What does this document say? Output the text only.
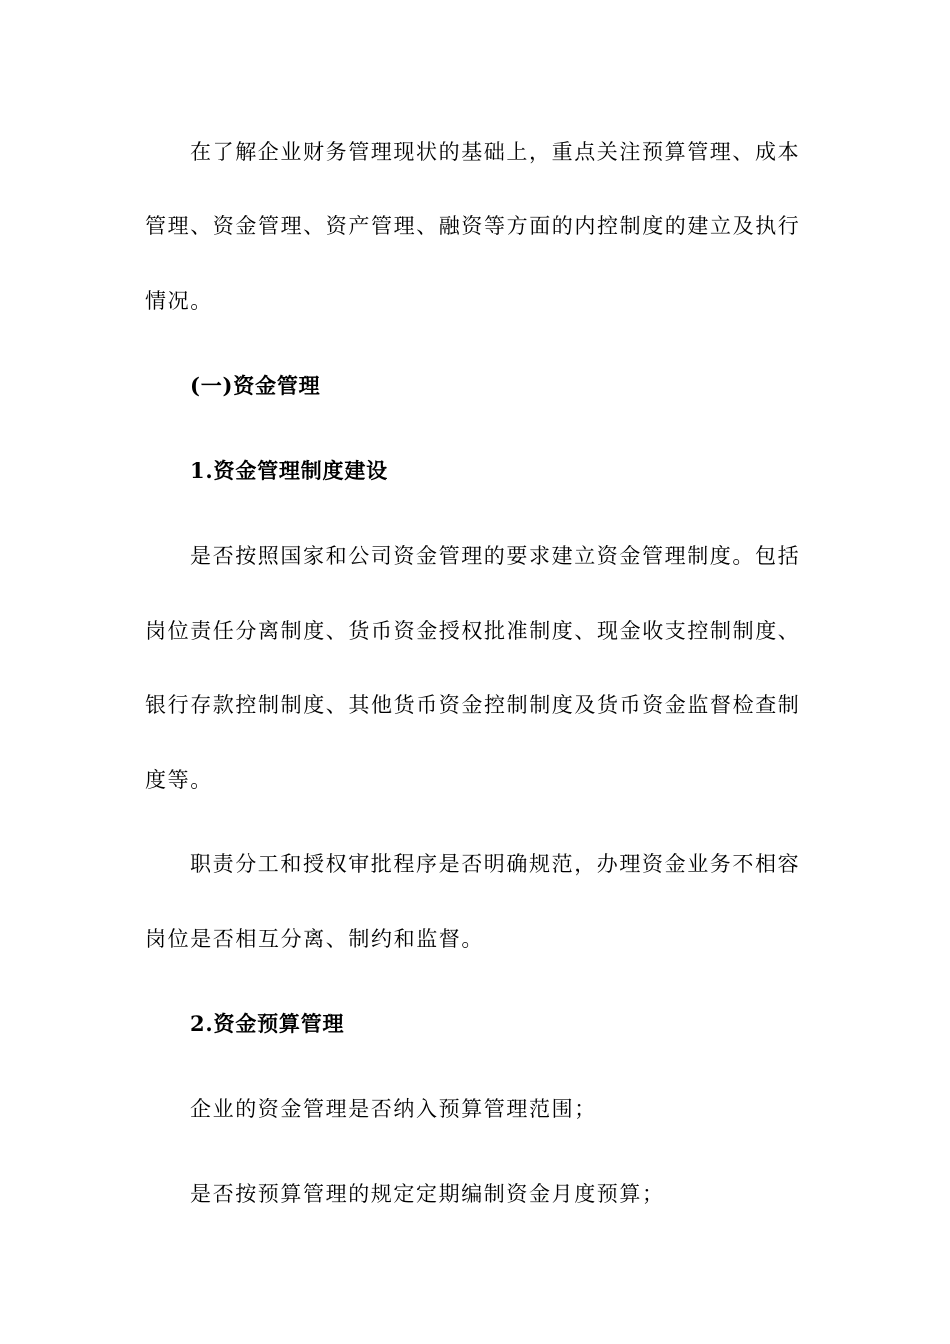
在了解企业财务管理现状的基础上，重点关注预算管理、成本
管理、资金管理、资产管理、融资等方面的内控制度的建立及执行
情况。
(一)资金管理
1.资金管理制度建设
是否按照国家和公司资金管理的要求建立资金管理制度。包括
岗位责任分离制度、货币资金授权批准制度、现金收支控制制度、
银行存款控制制度、其他货币资金控制制度及货币资金监督检查制
度等。
职责分工和授权审批程序是否明确规范，办理资金业务不相容
岗位是否相互分离、制约和监督。
2.资金预算管理
企业的资金管理是否纳入预算管理范围；
是否按预算管理的规定定期编制资金月度预算；
